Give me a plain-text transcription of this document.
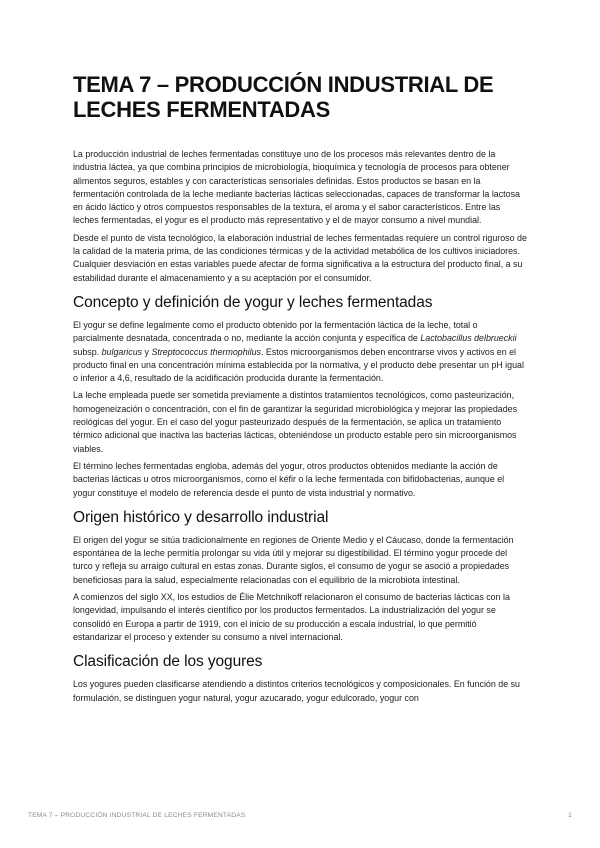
TEMA 7 – PRODUCCIÓN INDUSTRIAL DE LECHES FERMENTADAS

La producción industrial de leches fermentadas constituye uno de los procesos más relevantes dentro de la industria láctea, ya que combina principios de microbiología, bioquímica y tecnología de procesos para obtener alimentos seguros, estables y con características sensoriales definidas. Estos productos se basan en la fermentación controlada de la leche mediante bacterias lácticas seleccionadas, capaces de transformar la lactosa en ácido láctico y otros compuestos responsables de la textura, el aroma y el sabor característicos. Entre las leches fermentadas, el yogur es el producto más representativo y el de mayor consumo a nivel mundial.

Desde el punto de vista tecnológico, la elaboración industrial de leches fermentadas requiere un control riguroso de la calidad de la materia prima, de las condiciones térmicas y de la actividad metabólica de los cultivos iniciadores. Cualquier desviación en estas variables puede afectar de forma significativa a la estructura del producto final, a su estabilidad durante el almacenamiento y a su aceptación por el consumidor.

Concepto y definición de yogur y leches fermentadas

El yogur se define legalmente como el producto obtenido por la fermentación láctica de la leche, total o parcialmente desnatada, concentrada o no, mediante la acción conjunta y específica de Lactobacillus delbrueckii subsp. bulgaricus y Streptococcus thermophilus. Estos microorganismos deben encontrarse vivos y activos en el producto final en una concentración mínima establecida por la normativa, y el producto debe presentar un pH igual o inferior a 4,6, resultado de la acidificación producida durante la fermentación.

La leche empleada puede ser sometida previamente a distintos tratamientos tecnológicos, como pasteurización, homogeneización o concentración, con el fin de garantizar la seguridad microbiológica y mejorar las propiedades reológicas del yogur. En el caso del yogur pasteurizado después de la fermentación, se aplica un tratamiento térmico adicional que inactiva las bacterias lácticas, obteniéndose un producto estable pero sin microorganismos viables.

El término leches fermentadas engloba, además del yogur, otros productos obtenidos mediante la acción de bacterias lácticas u otros microorganismos, como el kéfir o la leche fermentada con bifidobacterias, aunque el yogur constituye el modelo de referencia desde el punto de vista industrial y normativo.

Origen histórico y desarrollo industrial

El origen del yogur se sitúa tradicionalmente en regiones de Oriente Medio y el Cáucaso, donde la fermentación espontánea de la leche permitía prolongar su vida útil y mejorar su digestibilidad. El término yogur procede del turco y refleja su arraigo cultural en estas zonas. Durante siglos, el consumo de yogur se asoció a propiedades beneficiosas para la salud, especialmente relacionadas con el equilibrio de la microbiota intestinal.

A comienzos del siglo XX, los estudios de Élie Metchnikoff relacionaron el consumo de bacterias lácticas con la longevidad, impulsando el interés científico por los productos fermentados. La industrialización del yogur se consolidó en Europa a partir de 1919, con el inicio de su producción a escala industrial, lo que permitió estandarizar el proceso y extender su consumo a nivel internacional.

Clasificación de los yogures

Los yogures pueden clasificarse atendiendo a distintos criterios tecnológicos y composicionales. En función de su formulación, se distinguen yogur natural, yogur azucarado, yogur edulcorado, yogur con

TEMA 7 – PRODUCCIÓN INDUSTRIAL DE LECHES FERMENTADAS	1
